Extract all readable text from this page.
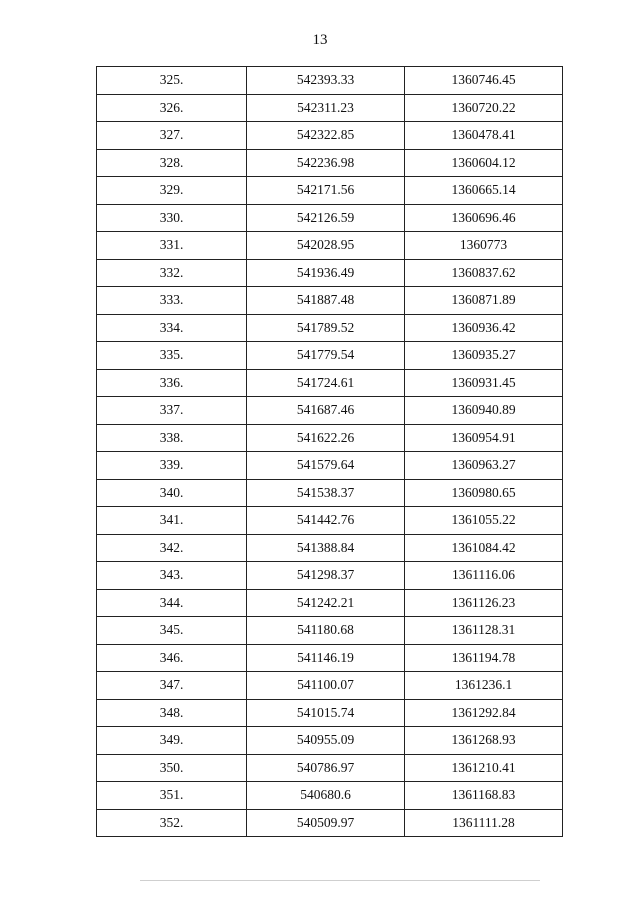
13
325.	542393.33	1360746.45
326.	542311.23	1360720.22
327.	542322.85	1360478.41
328.	542236.98	1360604.12
329.	542171.56	1360665.14
330.	542126.59	1360696.46
331.	542028.95	1360773
332.	541936.49	1360837.62
333.	541887.48	1360871.89
334.	541789.52	1360936.42
335.	541779.54	1360935.27
336.	541724.61	1360931.45
337.	541687.46	1360940.89
338.	541622.26	1360954.91
339.	541579.64	1360963.27
340.	541538.37	1360980.65
341.	541442.76	1361055.22
342.	541388.84	1361084.42
343.	541298.37	1361116.06
344.	541242.21	1361126.23
345.	541180.68	1361128.31
346.	541146.19	1361194.78
347.	541100.07	1361236.1
348.	541015.74	1361292.84
349.	540955.09	1361268.93
350.	540786.97	1361210.41
351.	540680.6	1361168.83
352.	540509.97	1361111.28
